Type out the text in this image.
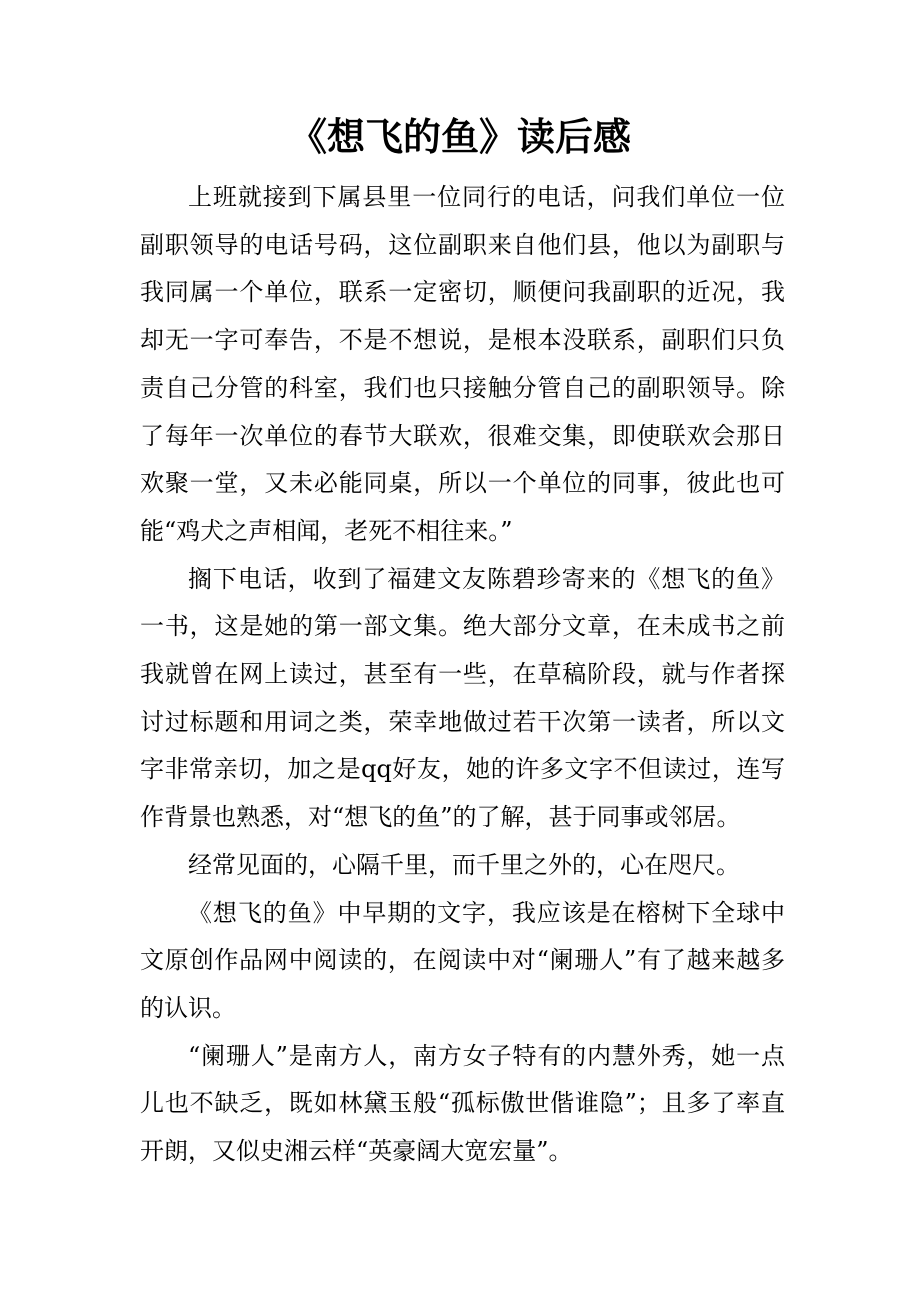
《想飞的鱼》读后感

上班就接到下属县里一位同行的电话，问我们单位一位副职领导的电话号码，这位副职来自他们县，他以为副职与我同属一个单位，联系一定密切，顺便问我副职的近况，我却无一字可奉告，不是不想说，是根本没联系，副职们只负责自己分管的科室，我们也只接触分管自己的副职领导。除了每年一次单位的春节大联欢，很难交集，即使联欢会那日欢聚一堂，又未必能同桌，所以一个单位的同事，彼此也可能“鸡犬之声相闻，老死不相往来。”

搁下电话，收到了福建文友陈碧珍寄来的《想飞的鱼》一书，这是她的第一部文集。绝大部分文章，在未成书之前我就曾在网上读过，甚至有一些，在草稿阶段，就与作者探讨过标题和用词之类，荣幸地做过若干次第一读者，所以文字非常亲切，加之是qq好友，她的许多文字不但读过，连写作背景也熟悉，对“想飞的鱼”的了解，甚于同事或邻居。

经常见面的，心隔千里，而千里之外的，心在咫尺。

《想飞的鱼》中早期的文字，我应该是在榕树下全球中文原创作品网中阅读的，在阅读中对“阑珊人”有了越来越多的认识。

“阑珊人”是南方人，南方女子特有的内慧外秀，她一点儿也不缺乏，既如林黛玉般“孤标傲世偕谁隐”；且多了率直开朗，又似史湘云样“英豪阔大宽宏量”。
